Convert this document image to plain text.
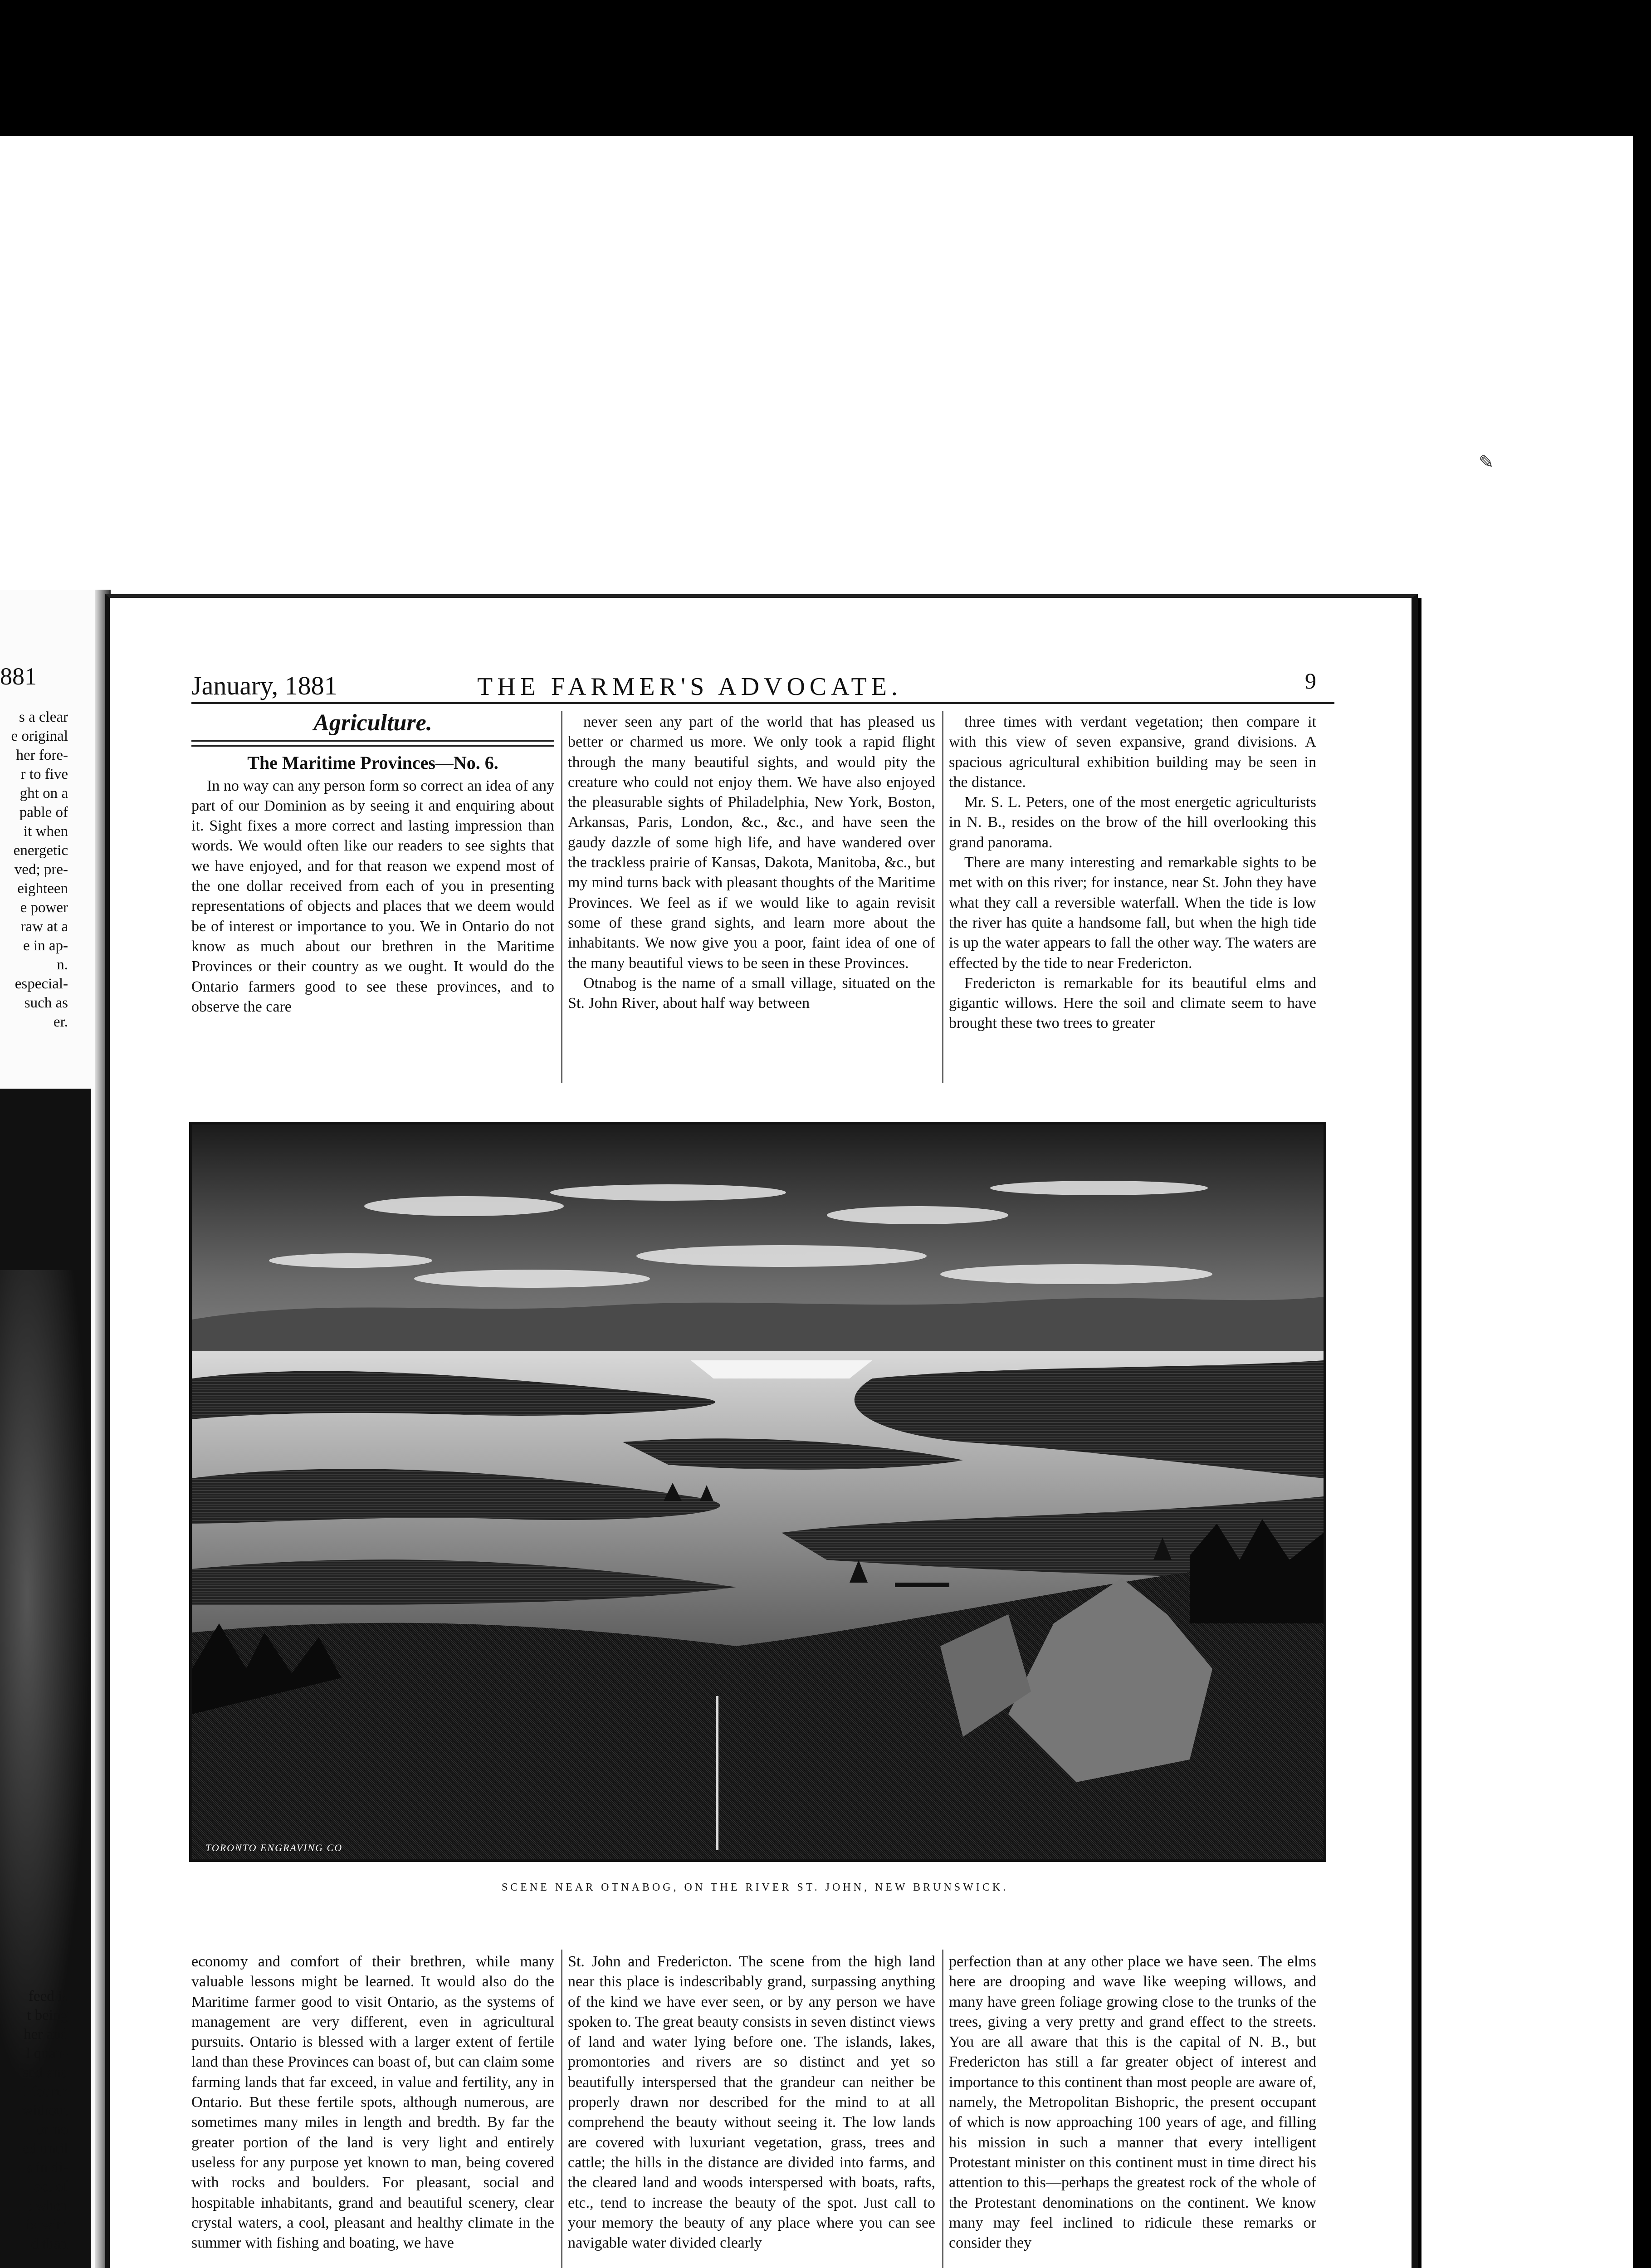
881
s a clear
e original
her fore-
r to five
ght on a
pable of
it when
energetic
ved; pre-
eighteen
e power
raw at a
e in ap-
n.
especial-
such as
er.
feed is
t being
her and
l quan-
sed and
l fourth
without
or no
ed until
s in di-
act of
t when
ix with
d than
January, 1881	THE FARMER'S ADVOCATE.	9
Agriculture.
The Maritime Provinces—No. 6.

In no way can any person form so correct an idea of any part of our Dominion as by seeing it and enquiring about it. Sight fixes a more correct and lasting impression than words. We would often like our readers to see sights that we have enjoyed, and for that reason we expend most of the one dollar received from each of you in presenting representations of objects and places that we deem would be of interest or importance to you. We in Ontario do not know as much about our brethren in the Maritime Provinces or their country as we ought. It would do the Ontario farmers good to see these provinces, and to observe the care

never seen any part of the world that has pleased us better or charmed us more. We only took a rapid flight through the many beautiful sights, and would pity the creature who could not enjoy them. We have also enjoyed the pleasurable sights of Philadelphia, New York, Boston, Arkansas, Paris, London, &c., &c., and have seen the gaudy dazzle of some high life, and have wandered over the trackless prairie of Kansas, Dakota, Manitoba, &c., but my mind turns back with pleasant thoughts of the Maritime Provinces. We feel as if we would like to again revisit some of these grand sights, and learn more about the inhabitants. We now give you a poor, faint idea of one of the many beautiful views to be seen in these Provinces.

Otnabog is the name of a small village, situated on the St. John River, about half way between

three times with verdant vegetation; then compare it with this view of seven expansive, grand divisions. A spacious agricultural exhibition building may be seen in the distance.

Mr. S. L. Peters, one of the most energetic agriculturists in N. B., resides on the brow of the hill overlooking this grand panorama.

There are many interesting and remarkable sights to be met with on this river; for instance, near St. John they have what they call a reversible waterfall. When the tide is low the river has quite a handsome fall, but when the high tide is up the water appears to fall the other way. The waters are effected by the tide to near Fredericton.

Fredericton is remarkable for its beautiful elms and gigantic willows. Here the soil and climate seem to have brought these two trees to greater

TORONTO ENGRAVING CO
SCENE NEAR OTNABOG, ON THE RIVER ST. JOHN, NEW BRUNSWICK.

economy and comfort of their brethren, while many valuable lessons might be learned. It would also do the Maritime farmer good to visit Ontario, as the systems of management are very different, even in agricultural pursuits. Ontario is blessed with a larger extent of fertile land than these Provinces can boast of, but can claim some farming lands that far exceed, in value and fertility, any in Ontario. But these fertile spots, although numerous, are sometimes many miles in length and bredth. By far the greater portion of the land is very light and entirely useless for any purpose yet known to man, being covered with rocks and boulders. For pleasant, social and hospitable inhabitants, grand and beautiful scenery, clear crystal waters, a cool, pleasant and healthy climate in the summer with fishing and boating, we have

St. John and Fredericton. The scene from the high land near this place is indescribably grand, surpassing anything of the kind we have ever seen, or by any person we have spoken to. The great beauty consists in seven distinct views of land and water lying before one. The islands, lakes, promontories and rivers are so distinct and yet so beautifully interspersed that the grandeur can neither be properly drawn nor described for the mind to at all comprehend the beauty without seeing it. The low lands are covered with luxuriant vegetation, grass, trees and cattle; the hills in the distance are divided into farms, and the cleared land and woods interspersed with boats, rafts, etc., tend to increase the beauty of the spot. Just call to your memory the beauty of any place where you can see navigable water divided clearly

perfection than at any other place we have seen. The elms here are drooping and wave like weeping willows, and many have green foliage growing close to the trunks of the trees, giving a very pretty and grand effect to the streets. You are all aware that this is the capital of N. B., but Fredericton has still a far greater object of interest and importance to this continent than most people are aware of, namely, the Metropolitan Bishopric, the present occupant of which is now approaching 100 years of age, and filling his mission in such a manner that every intelligent Protestant minister on this continent must in time direct his attention to this—perhaps the greatest rock of the whole of the Protestant denominations on the continent. We know many may feel inclined to ridicule these remarks or consider they

✎
